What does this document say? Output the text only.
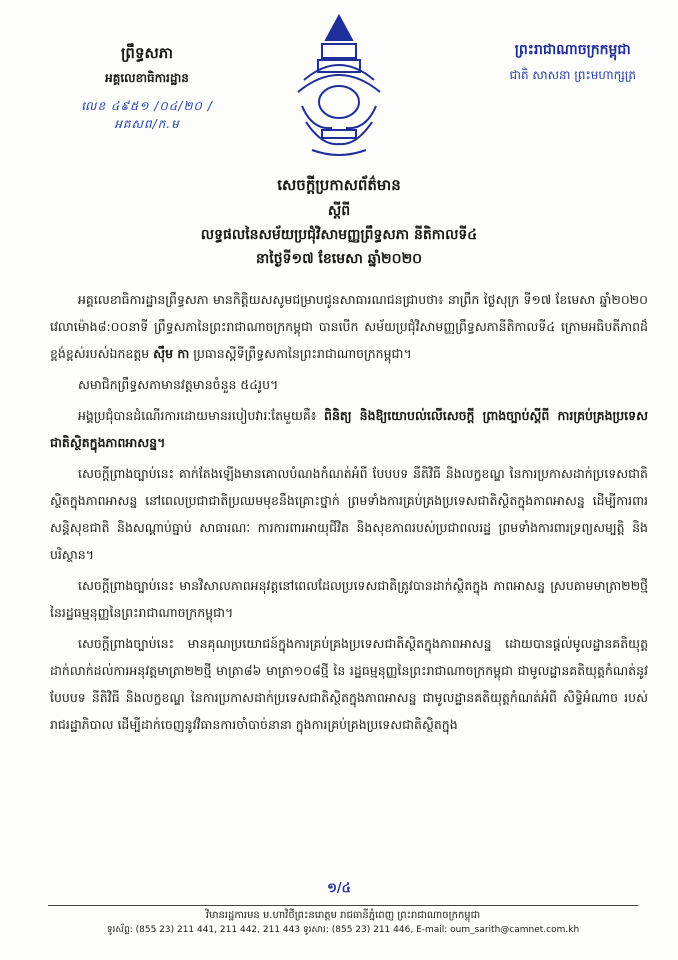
ព្រឹទ្ធសភា
អគ្គលេខាធិការដ្ឋាន
លេខ ៤៩៥១ /០៤/២០ /អគសព/ក.ម
ព្រះរាជាណាចក្រកម្ពុជា
ជាតិ សាសនា ព្រះមហាក្សត្រ
សេចក្តីប្រកាសព័ត៌មាន
ស្តីពី
លទ្ធផលនៃសម័យប្រជុំវិសាមញ្ញព្រឹទ្ធសភា នីតិកាលទី៤
នាថ្ងៃទី១៧ ខែមេសា ឆ្នាំ២០២០

អគ្គលេខាធិការដ្ឋានព្រឹទ្ធសភា មានកិត្តិយសសូមជម្រាបជូនសាធារណជនជ្រាបថា៖ នាព្រឹក ថ្ងៃសុក្រ ទី១៧ ខែមេសា ឆ្នាំ២០២០ វេលាម៉ោង៨:០០នាទី ព្រឹទ្ធសភានៃព្រះរាជាណាចក្រកម្ពុជា បានបើក សម័យប្រជុំវិសាមញ្ញព្រឹទ្ធសភានីតិកាលទី៤ ក្រោមអធិបតីភាពដ៏ខ្ពង់ខ្ពស់របស់ឯកឧត្តម ស៊ឹម កា ប្រធានស្តីទីព្រឹទ្ធសភានៃព្រះរាជាណាចក្រកម្ពុជា។

សមាជិកព្រឹទ្ធសភាមានវត្តមានចំនួន ៥៤រូប។

អង្គប្រជុំបានដំណើរការដោយមានរបៀបវារៈតែមួយគឺ៖ ពិនិត្យ និងឱ្យយោបល់លើសេចក្តី ព្រាងច្បាប់ស្តីពី ការគ្រប់គ្រងប្រទេសជាតិស្ថិតក្នុងភាពអាសន្ន។

សេចក្តីព្រាងច្បាប់នេះ គាក់តែងឡើងមានគោលបំណងកំណត់អំពី បែបបទ នីតិវិធី និងលក្ខខណ្ឌ នៃការប្រកាសដាក់ប្រទេសជាតិស្ថិតក្នុងភាពអាសន្ន នៅពេលប្រជាជាតិប្រឈមមុខនឹងគ្រោះថ្នាក់ ព្រមទាំងការគ្រប់គ្រងប្រទេសជាតិស្ថិតក្នុងភាពអាសន្ន ដើម្បីការពារសន្តិសុខជាតិ និងសណ្តាប់ធ្នាប់ សាធារណៈ ការការពារអាយុជីវិត និងសុខភាពរបស់ប្រជាពលរដ្ឋ ព្រមទាំងការពារទ្រព្យសម្បត្តិ និង បរិស្ថាន។

សេចក្តីព្រាងច្បាប់នេះ មានវិសាលភាពអនុវត្តនៅពេលដែលប្រទេសជាតិត្រូវបានដាក់ស្ថិតក្នុង ភាពអាសន្ន ស្របតាមមាត្រា២២ថ្មី នៃរដ្ឋធម្មនុញ្ញនៃព្រះរាជាណាចក្រកម្ពុជា។

សេចក្តីព្រាងច្បាប់នេះ មានគុណប្រយោជន៍ក្នុងការគ្រប់គ្រងប្រទេសជាតិស្ថិតក្នុងភាពអាសន្ន ដោយបានផ្តល់មូលដ្ឋានគតិយុត្តដាក់លាក់ដល់ការអនុវត្តមាត្រា២២ថ្មី មាត្រា៨៦ មាត្រា១០៨ថ្មី នៃ រដ្ឋធម្មនុញ្ញនៃព្រះរាជាណាចក្រកម្ពុជា ជាមូលដ្ឋានគតិយុត្តកំណត់នូវបែបបទ នីតិវិធី និងលក្ខខណ្ឌ នៃការប្រកាសដាក់ប្រទេសជាតិស្ថិតក្នុងភាពអាសន្ន ជាមូលដ្ឋានគតិយុត្តកំណត់អំពី សិទ្ធិអំណាច របស់រាជរដ្ឋាភិបាល ដើម្បីដាក់ចេញនូវវិធានការចាំបាច់នានា ក្នុងការគ្រប់គ្រងប្រទេសជាតិស្ថិតក្នុង

១/៤
វិមានរដ្ឋការមន ម.ហាវិថីព្រះនរោត្តម រាជធានីភ្នំពេញ ព្រះរាជាណាចក្រកម្ពុជា
ទូរស័ព្ទ: (855 23) 211 441, 211 442, 211 443 ទូរសារ: (855 23) 211 446, E-mail: oum_sarith@camnet.com.kh
